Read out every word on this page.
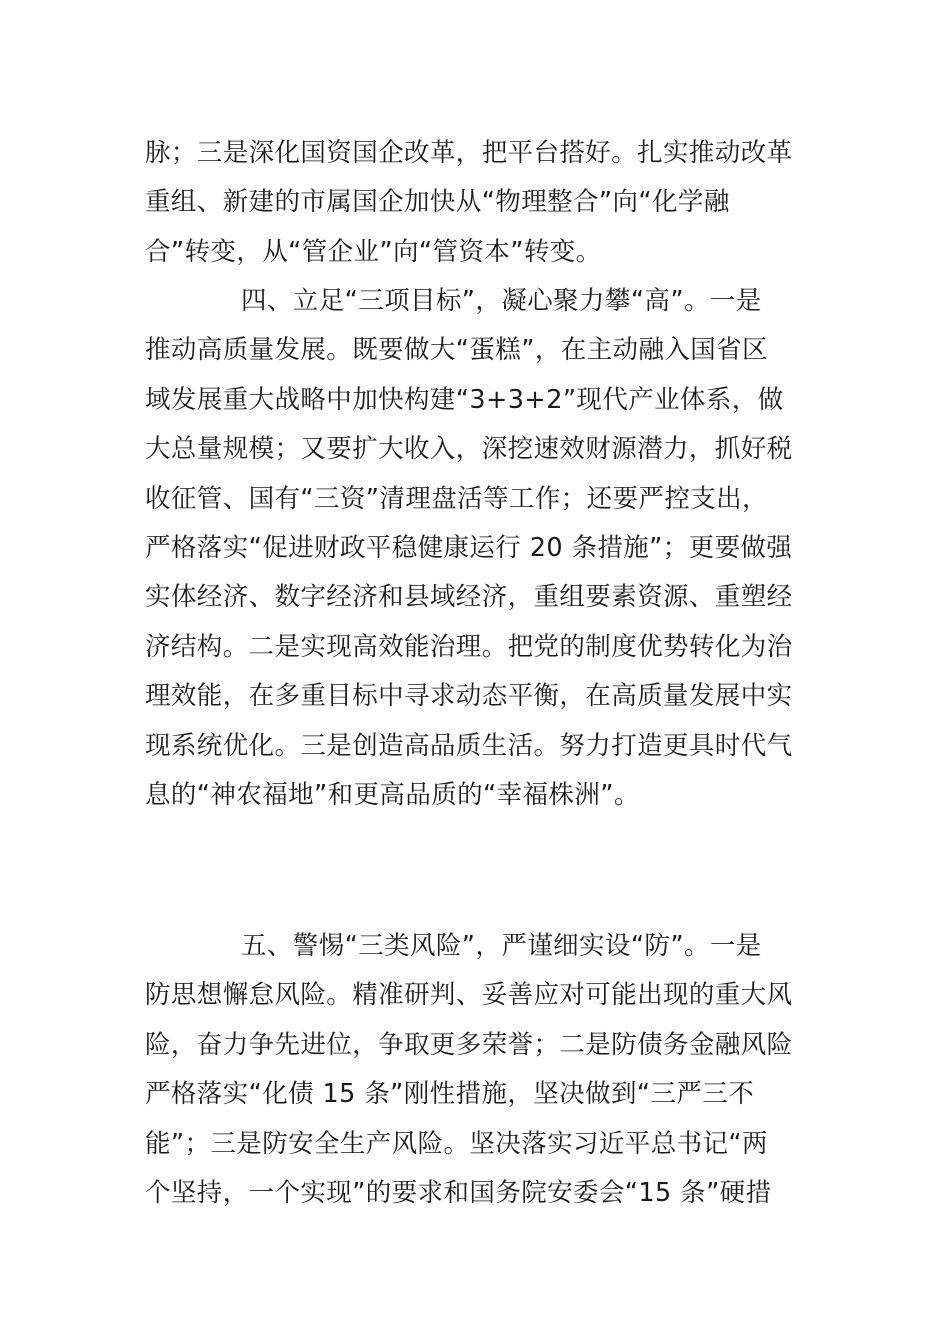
脉；三是深化国资国企改革，把平台搭好。扎实推动改革
重组、新建的市属国企加快从“物理整合”向“化学融
合”转变，从“管企业”向“管资本”转变。
四、立足“三项目标”，凝心聚力攀“高”。一是
推动高质量发展。既要做大“蛋糕”，在主动融入国省区
域发展重大战略中加快构建“3+3+2”现代产业体系，做
大总量规模；又要扩大收入，深挖速效财源潜力，抓好税
收征管、国有“三资”清理盘活等工作；还要严控支出，
严格落实“促进财政平稳健康运行 20 条措施”；更要做强
实体经济、数字经济和县域经济，重组要素资源、重塑经
济结构。二是实现高效能治理。把党的制度优势转化为治
理效能，在多重目标中寻求动态平衡，在高质量发展中实
现系统优化。三是创造高品质生活。努力打造更具时代气
息的“神农福地”和更高品质的“幸福株洲”。
五、警惕“三类风险”，严谨细实设“防”。一是
防思想懈怠风险。精准研判、妥善应对可能出现的重大风
险，奋力争先进位，争取更多荣誉；二是防债务金融风险
严格落实“化债 15 条”刚性措施，坚决做到“三严三不
能”；三是防安全生产风险。坚决落实习近平总书记“两
个坚持，一个实现”的要求和国务院安委会“15 条”硬措
